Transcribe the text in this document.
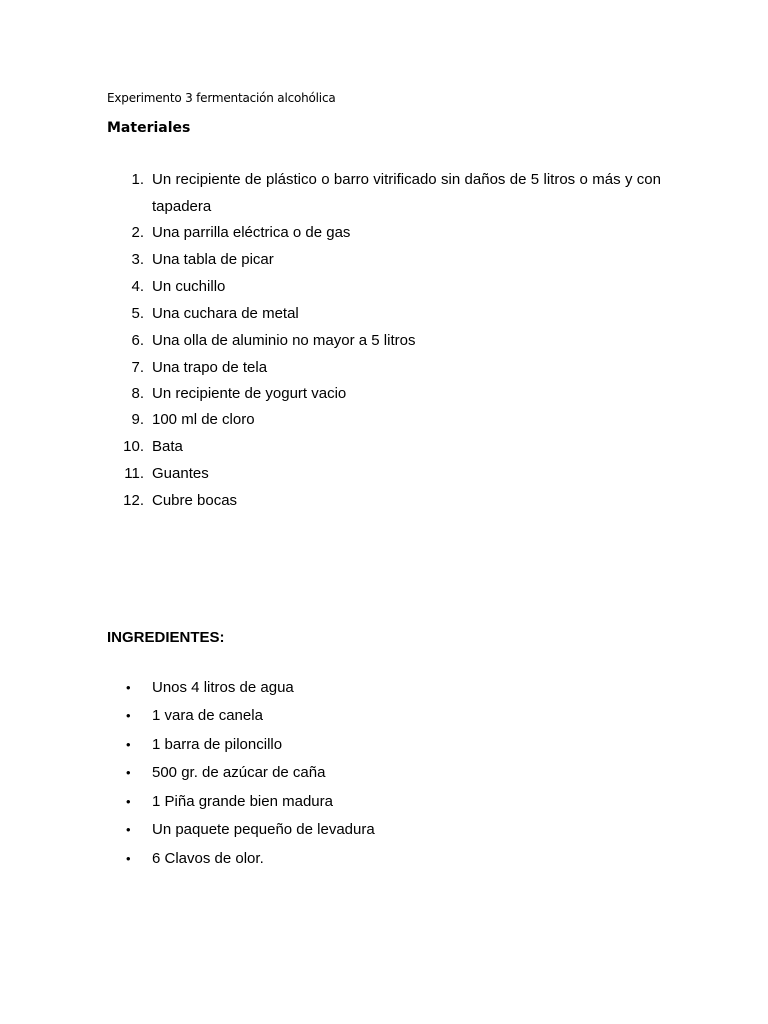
Experimento 3 fermentación alcohólica
Materiales
1. Un recipiente de plástico o barro vitrificado sin daños de 5 litros o más y con tapadera
2. Una parrilla eléctrica o de gas
3. Una tabla de picar
4. Un cuchillo
5. Una cuchara de metal
6. Una olla de aluminio no mayor a 5 litros
7. Una trapo de tela
8. Un recipiente de yogurt vacio
9. 100 ml de cloro
10. Bata
11. Guantes
12. Cubre bocas
INGREDIENTES:
• Unos 4 litros de agua
• 1 vara de canela
• 1 barra de piloncillo
• 500 gr. de azúcar de caña
• 1 Piña grande bien madura
• Un paquete pequeño de levadura
• 6 Clavos de olor.
